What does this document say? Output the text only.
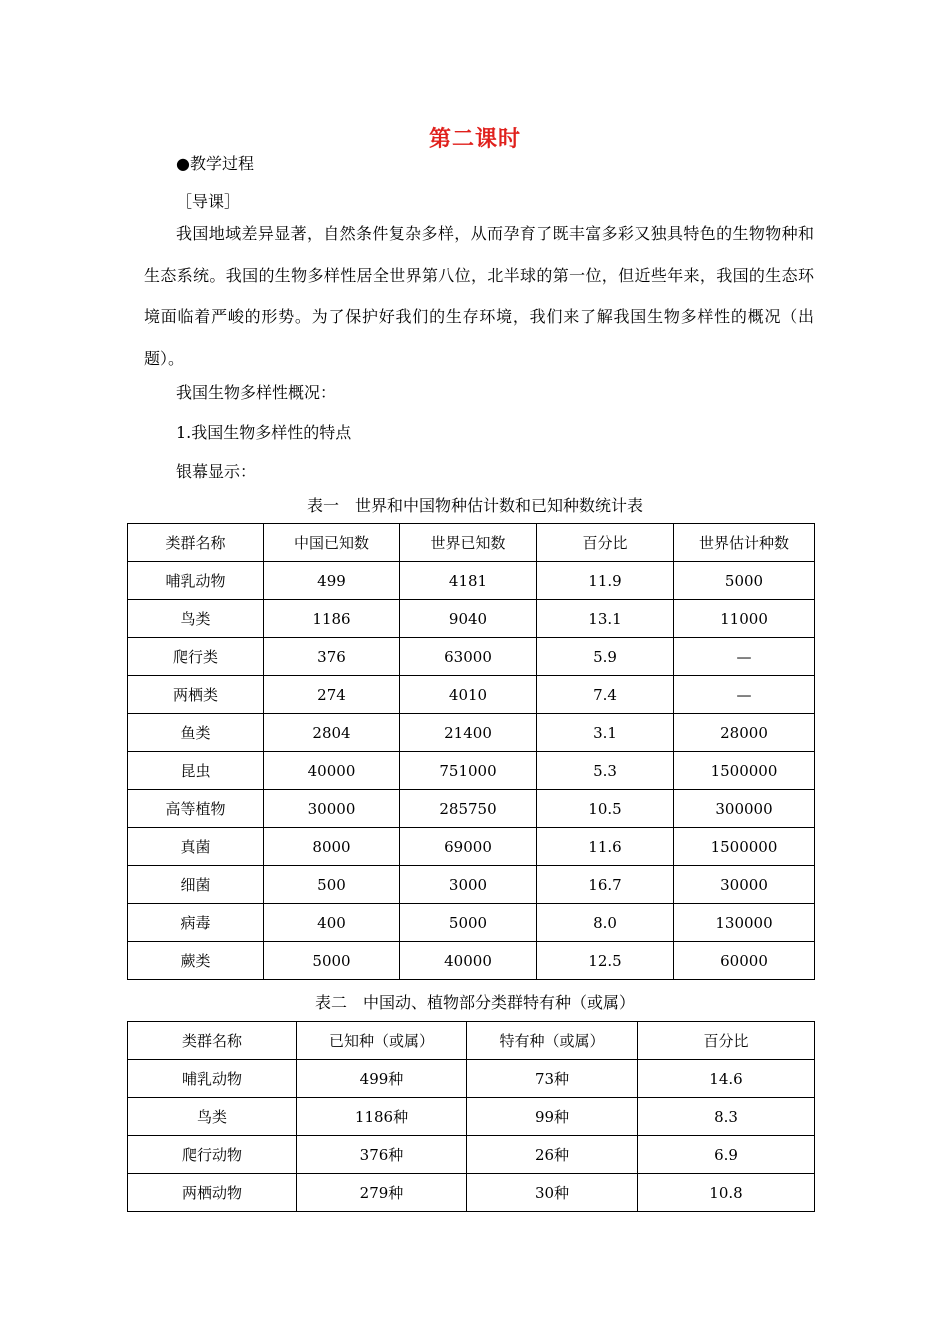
第二课时
●教学过程
［导课］
我国地域差异显著，自然条件复杂多样，从而孕育了既丰富多彩又独具特色的生物物种和生态系统。我国的生物多样性居全世界第八位，北半球的第一位，但近些年来，我国的生态环境面临着严峻的形势。为了保护好我们的生存环境，我们来了解我国生物多样性的概况（出题）。
我国生物多样性概况：
1.我国生物多样性的特点
银幕显示：
表一　世界和中国物种估计数和已知种数统计表
类群名称	中国已知数	世界已知数	百分比	世界估计种数
哺乳动物	499	4181	11.9	5000
鸟类	1186	9040	13.1	11000
爬行类	376	63000	5.9	—
两栖类	274	4010	7.4	—
鱼类	2804	21400	3.1	28000
昆虫	40000	751000	5.3	1500000
高等植物	30000	285750	10.5	300000
真菌	8000	69000	11.6	1500000
细菌	500	3000	16.7	30000
病毒	400	5000	8.0	130000
蕨类	5000	40000	12.5	60000
表二　中国动、植物部分类群特有种（或属）
类群名称	已知种（或属）	特有种（或属）	百分比
哺乳动物	499种	73种	14.6
鸟类	1186种	99种	8.3
爬行动物	376种	26种	6.9
两栖动物	279种	30种	10.8
